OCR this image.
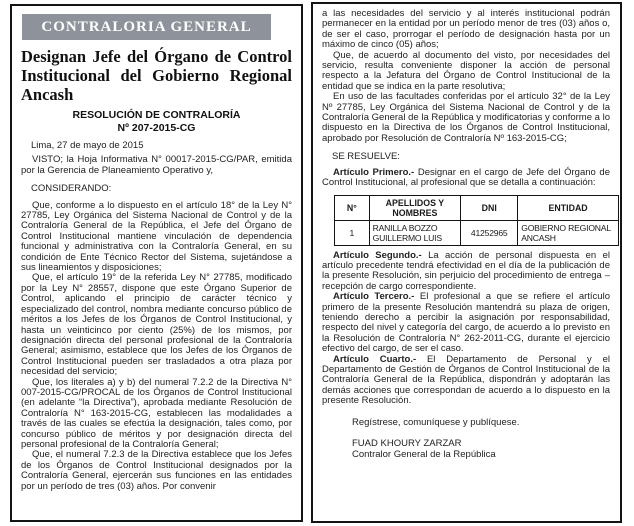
CONTRALORIA GENERAL
Designan Jefe del Órgano de Control Institucional del Gobierno Regional Ancash
RESOLUCIÓN DE CONTRALORÍA
Nº 207-2015-CG

Lima, 27 de mayo de 2015

VISTO; la Hoja Informativa N° 00017-2015-CG/PAR, emitida por la Gerencia de Planeamiento Operativo y,

CONSIDERANDO:

Que, conforme a lo dispuesto en el artículo 18° de la Ley N° 27785, Ley Orgánica del Sistema Nacional de Control y de la Contraloría General de la República, el Jefe del Órgano de Control Institucional mantiene vinculación de dependencia funcional y administrativa con la Contraloría General, en su condición de Ente Técnico Rector del Sistema, sujetándose a sus lineamientos y disposiciones;

Que, el artículo 19° de la referida Ley N° 27785, modificado por la Ley N° 28557, dispone que este Órgano Superior de Control, aplicando el principio de carácter técnico y especializado del control, nombra mediante concurso público de méritos a los Jefes de los Órganos de Control Institucional, y hasta un veinticinco por ciento (25%) de los mismos, por designación directa del personal profesional de la Contraloría General; asimismo, establece que los Jefes de los Órganos de Control Institucional pueden ser trasladados a otra plaza por necesidad del servicio;

Que, los literales a) y b) del numeral 7.2.2 de la Directiva N° 007-2015-CG/PROCAL de los Órganos de Control Institucional (en adelante “la Directiva”), aprobada mediante Resolución de Contraloría N° 163-2015-CG, establecen las modalidades a través de las cuales se efectúa la designación, tales como, por concurso público de méritos y por designación directa del personal profesional de la Contraloría General;

Que, el numeral 7.2.3 de la Directiva establece que los Jefes de los Órganos de Control Institucional designados por la Contraloría General, ejercerán sus funciones en las entidades por un período de tres (03) años. Por convenir

a las necesidades del servicio y al interés institucional podrán permanecer en la entidad por un período menor de tres (03) años o, de ser el caso, prorrogar el período de designación hasta por un máximo de cinco (05) años;

Que, de acuerdo al documento del visto, por necesidades del servicio, resulta conveniente disponer la acción de personal respecto a la Jefatura del Órgano de Control Institucional de la entidad que se indica en la parte resolutiva;

En uso de las facultades conferidas por el artículo 32° de la Ley Nº 27785, Ley Orgánica del Sistema Nacional de Control y de la Contraloría General de la República y modificatorias y conforme a lo dispuesto en la Directiva de los Órganos de Control Institucional, aprobado por Resolución de Contraloría Nº 163-2015-CG;

SE RESUELVE:

Artículo Primero.- Designar en el cargo de Jefe del Órgano de Control Institucional, al profesional que se detalla a continuación:

N°	APELLIDOS Y NOMBRES	DNI	ENTIDAD
1	RANILLA BOZZO GUILLERMO LUIS	41252965	GOBIERNO REGIONAL ANCASH

Artículo Segundo.- La acción de personal dispuesta en el artículo precedente tendrá efectividad en el día de la publicación de la presente Resolución, sin perjuicio del procedimiento de entrega – recepción de cargo correspondiente.

Artículo Tercero.- El profesional a que se refiere el artículo primero de la presente Resolución mantendrá su plaza de origen, teniendo derecho a percibir la asignación por responsabilidad, respecto del nivel y categoría del cargo, de acuerdo a lo previsto en la Resolución de Contraloría N° 262-2011-CG, durante el ejercicio efectivo del cargo, de ser el caso.

Artículo Cuarto.- El Departamento de Personal y el Departamento de Gestión de Órganos de Control Institucional de la Contraloría General de la República, dispondrán y adoptarán las demás acciones que correspondan de acuerdo a lo dispuesto en la presente Resolución.

Regístrese, comuníquese y publíquese.

FUAD KHOURY ZARZAR
Contralor General de la República
